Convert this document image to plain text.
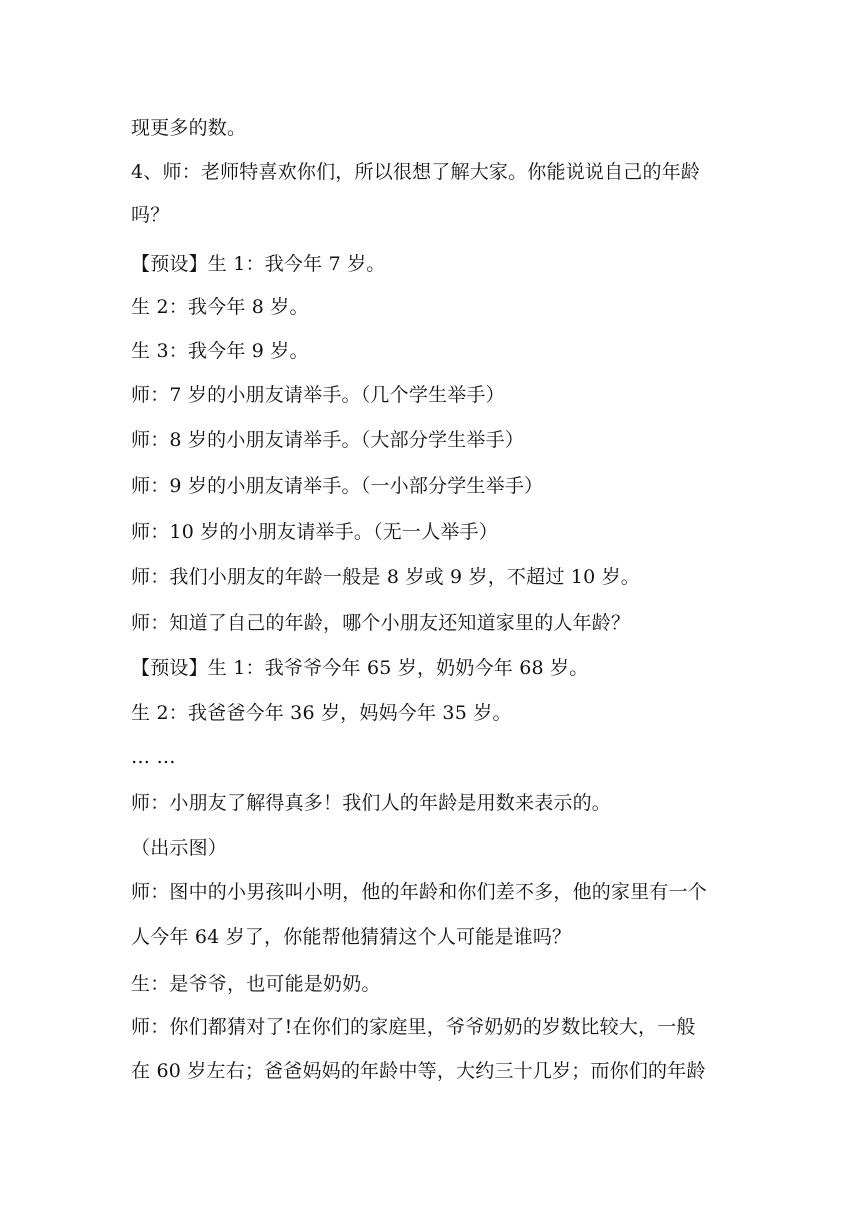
现更多的数。
4、师：老师特喜欢你们，所以很想了解大家。你能说说自己的年龄
吗？
【预设】生 1：我今年 7 岁。
生 2：我今年 8 岁。
生 3：我今年 9 岁。
师：7 岁的小朋友请举手。（几个学生举手）
师：8 岁的小朋友请举手。（大部分学生举手）
师：9 岁的小朋友请举手。（一小部分学生举手）
师：10 岁的小朋友请举手。（无一人举手）
师：我们小朋友的年龄一般是 8 岁或 9 岁，不超过 10 岁。
师：知道了自己的年龄，哪个小朋友还知道家里的人年龄？
【预设】生 1：我爷爷今年 65 岁，奶奶今年 68 岁。
生 2：我爸爸今年 36 岁，妈妈今年 35 岁。
… …
师：小朋友了解得真多！我们人的年龄是用数来表示的。
（出示图）
师：图中的小男孩叫小明，他的年龄和你们差不多，他的家里有一个
人今年 64 岁了，你能帮他猜猜这个人可能是谁吗？
生：是爷爷，也可能是奶奶。
师：你们都猜对了!在你们的家庭里，爷爷奶奶的岁数比较大，一般
在 60 岁左右；爸爸妈妈的年龄中等，大约三十几岁；而你们的年龄
